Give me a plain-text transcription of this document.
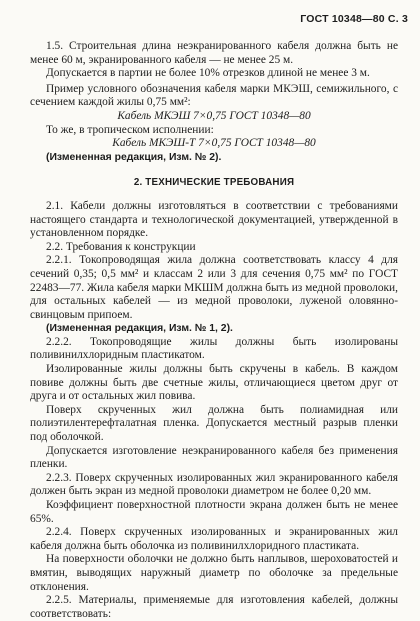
ГОСТ 10348—80 С. 3

1.5. Строительная длина неэкранированного кабеля должна быть не менее 60 м, экранированного кабеля — не менее 25 м.

Допускается в партии не более 10% отрезков длиной не менее 3 м.

Пример условного обозначения кабеля марки МКЭШ, семижильного, с сечением каждой жилы 0,75 мм²:

Кабель МКЭШ 7×0,75 ГОСТ 10348—80

То же, в тропическом исполнении:

Кабель МКЭШ-Т 7×0,75 ГОСТ 10348—80

(Измененная редакция, Изм. № 2).

2. ТЕХНИЧЕСКИЕ ТРЕБОВАНИЯ

2.1. Кабели должны изготовляться в соответствии с требованиями настоящего стандарта и технологической документацией, утвержденной в установленном порядке.

2.2. Требования к конструкции

2.2.1. Токопроводящая жила должна соответствовать классу 4 для сечений 0,35; 0,5 мм² и классам 2 или 3 для сечения 0,75 мм² по ГОСТ 22483—77. Жила кабеля марки МКШМ должна быть из медной проволоки, для остальных кабелей — из медной проволоки, луженой оловянно-свинцовым припоем.

(Измененная редакция, Изм. № 1, 2).

2.2.2. Токопроводящие жилы должны быть изолированы поливинилхлоридным пластикатом.

Изолированные жилы должны быть скручены в кабель. В каждом повиве должны быть две счетные жилы, отличающиеся цветом друг от друга и от остальных жил повива.

Поверх скрученных жил должна быть полиамидная или полиэтилентерефталатная пленка. Допускается местный разрыв пленки под оболочкой.

Допускается изготовление неэкранированного кабеля без применения пленки.

2.2.3. Поверх скрученных изолированных жил экранированного кабеля должен быть экран из медной проволоки диаметром не более 0,20 мм.

Коэффициент поверхностной плотности экрана должен быть не менее 65%.

2.2.4. Поверх скрученных изолированных и экранированных жил кабеля должна быть оболочка из поливинилхлоридного пластиката.

На поверхности оболочки не должно быть наплывов, шероховатостей и вмятин, выводящих наружный диаметр по оболочке за предельные отклонения.

2.2.5. Материалы, применяемые для изготовления кабелей, должны соответствовать:
